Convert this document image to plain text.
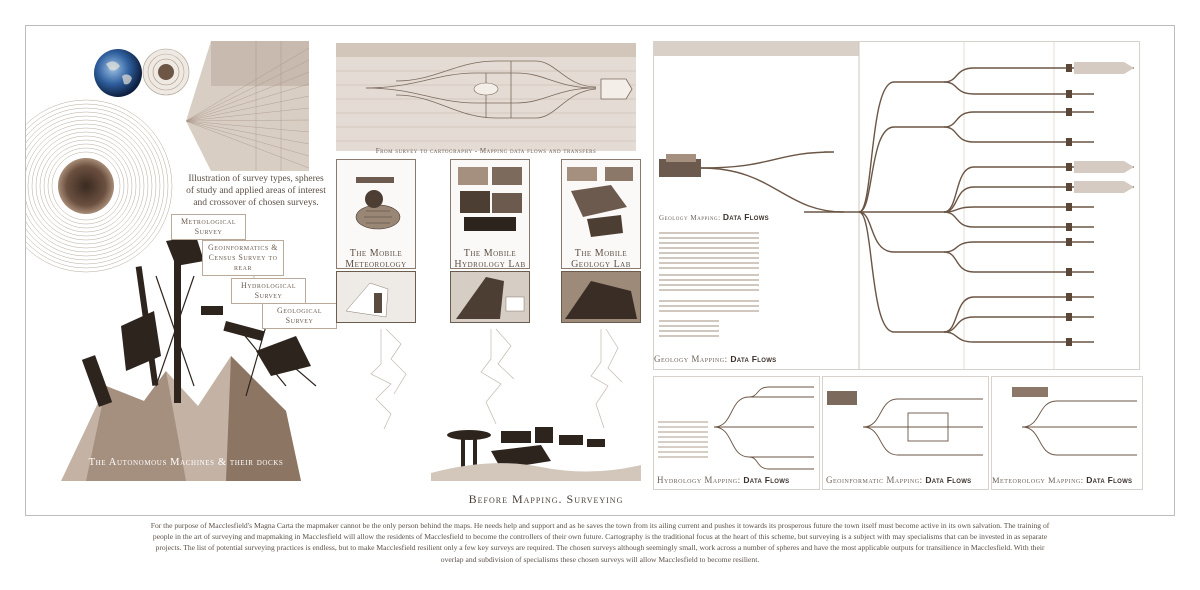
Illustration of survey types, spheres of study and applied areas of interest and crossover of chosen surveys.
Metrological Survey
Geoinformatics & Census Survey to rear
Hydrological Survey
Geological Survey
The Autonomous Machines & their docks
From survey to cartography - Mapping data flows and transfers
The Mobile Meteorology
The Mobile Hydrology Lab
The Mobile Geology Lab
Before Mapping. Surveying
Geology Mapping: Data Flows
Geology Mapping: Data Flows
Hydrology Mapping: Data Flows	Geoinformatic Mapping: Data Flows Meteorology Mapping: Data Flows
For the purpose of Macclesfield's Magna Carta the mapmaker cannot be the only person behind the maps. He needs help and support and as he saves the town from its ailing current and pushes it towards its prosperous future the town itself must become active in its own salvation. The training of people in the art of surveying and mapmaking in Macclesfield will allow the residents of Macclesfield to become the controllers of their own future. Cartography is the traditional focus at the heart of this scheme, but surveying is a subject with may specialisms that can be invested in as separate projects. The list of potential surveying practices is endless, but to make Macclesfield resilient only a few key surveys are required. The chosen surveys although seemingly small, work across a number of spheres and have the most applicable outputs for transilience in Macclesfield. With their overlap and subdivision of specialisms these chosen surveys will allow Macclesfield to become resilient.
